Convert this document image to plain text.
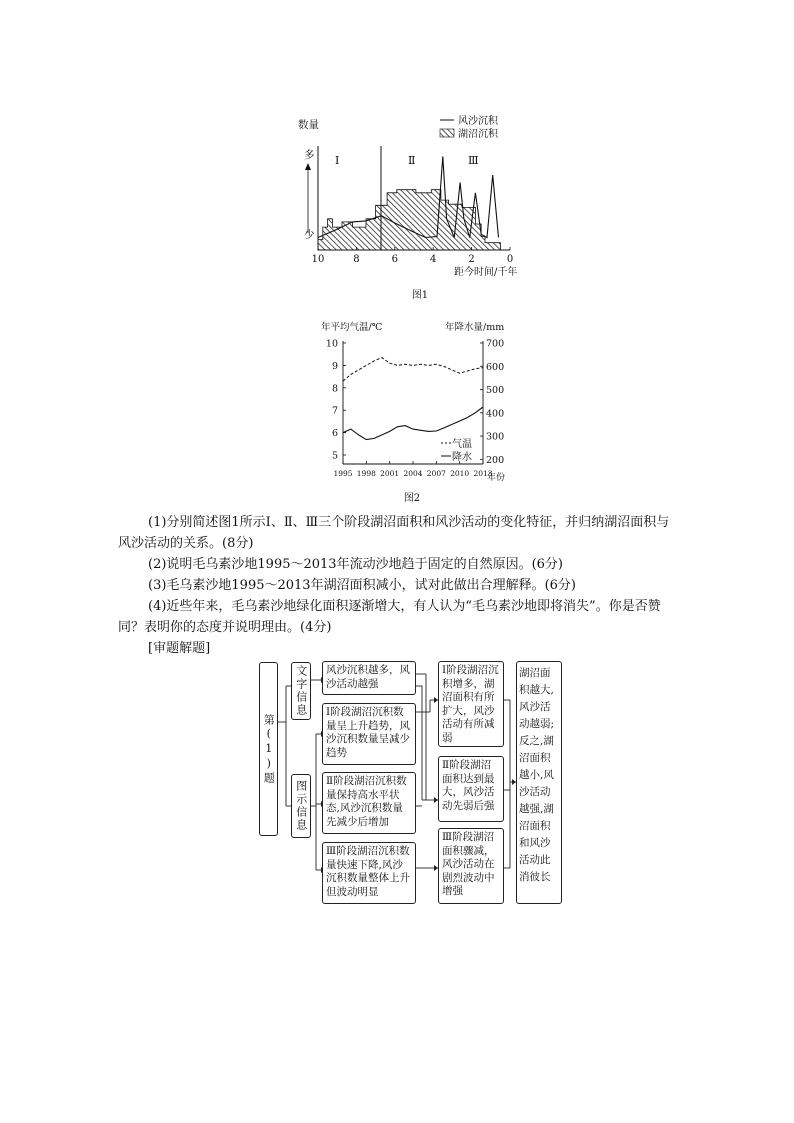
数量
多
少
Ⅰ	Ⅱ	Ⅲ
风沙沉积
湖沼沉积
10	8	6	4	2	0
距今时间/千年
图1
年平均气温/℃	年降水量/mm
10
9
8
7
6
5
700
600
500
400
300
200
1995 1998 2001 2004 2007 2010 2013
气温
降水
年份
图2

(1)分别简述图1所示Ⅰ、Ⅱ、Ⅲ三个阶段湖沼面积和风沙活动的变化特征，并归纳湖沼面积与风沙活动的关系。(8分)

(2)说明毛乌素沙地1995～2013年流动沙地趋于固定的自然原因。(6分)

(3)毛乌素沙地1995～2013年湖沼面积减小，试对此做出合理解释。(6分)

(4)近些年来，毛乌素沙地绿化面积逐渐增大，有人认为“毛乌素沙地即将消失”。你是否赞同？表明你的态度并说明理由。(4分)

[审题解题]

第(1)题
文字信息
图示信息
风沙沉积越多，风沙活动越强
Ⅰ阶段湖沼沉积数量呈上升趋势，风沙沉积数量呈减少趋势
Ⅱ阶段湖沼沉积数量保持高水平状态,风沙沉积数量先减少后增加
Ⅲ阶段湖沼沉积数量快速下降,风沙沉积数量整体上升但波动明显
Ⅰ阶段湖沼沉积增多，湖沼面积有所扩大，风沙活动有所减弱
Ⅱ阶段湖沼面积达到最大，风沙活动先弱后强
Ⅲ阶段湖沼面积骤减，风沙活动在剧烈波动中增强
湖沼面积越大,风沙活动越弱;反之,湖沼面积越小,风沙活动越强,湖沼面积和风沙活动此消彼长
